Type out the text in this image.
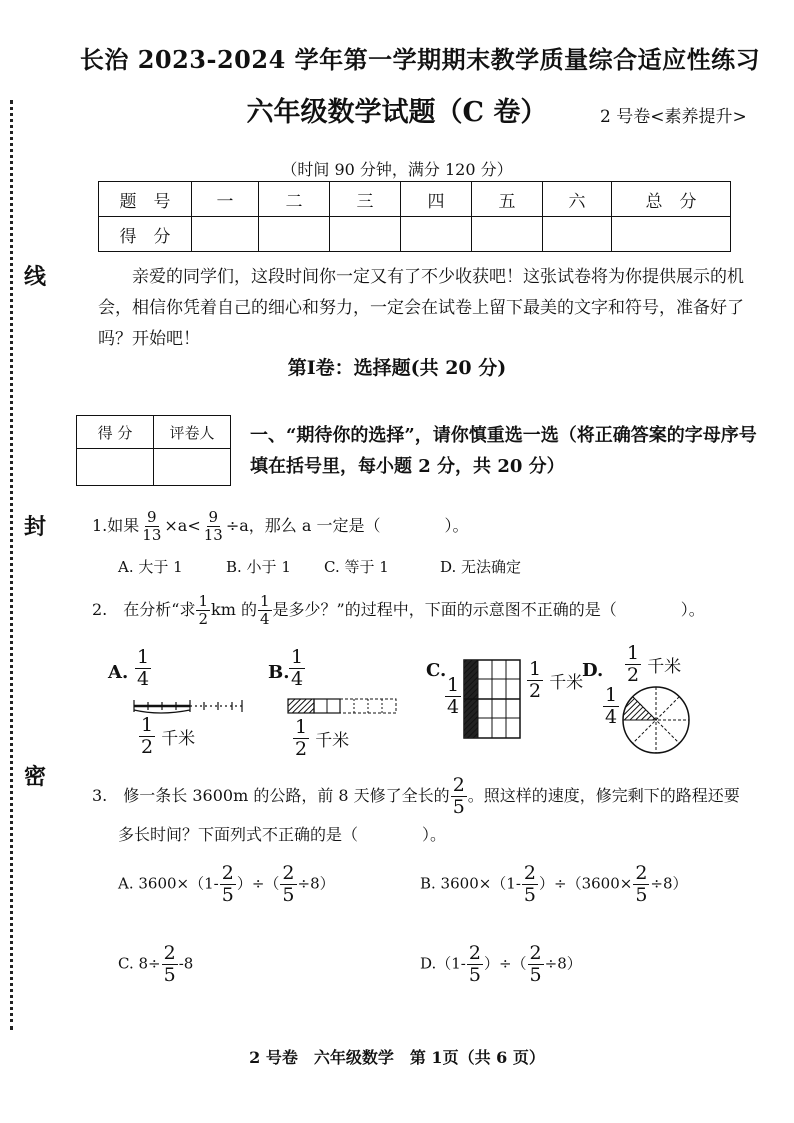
线
封
密
长治 2023-2024 学年第一学期期末教学质量综合适应性练习
六年级数学试题（C 卷）	2 号卷<素养提升>
（时间 90 分钟，满分 120 分）
题　号	一	二	三	四	五	六	总　分
得　分							
亲爱的同学们，这段时间你一定又有了不少收获吧！这张试卷将为你提供展示的机会，相信你凭着自己的细心和努力，一定会在试卷上留下最美的文字和符号，准备好了吗？开始吧！
第Ⅰ卷：选择题(共 20 分)
得 分	评卷人
	一、“期待你的选择”，请你慎重选一选（将正确答案的字母序号填在括号里，每小题 2 分，共 20 分）
1.如果 $\frac{9}{13} \times a< \frac{9}{13} \div a$，那么 a 一定是（　　　　）。
A. 大于 1	B. 小于 1 C. 等于 1	D. 无法确定
2.　在分析“求 $\frac{1}{2}$ km 的 $\frac{1}{4}$ 是多少？”的过程中，下面的示意图不正确的是（　　　　）。
A. $\frac{1}{4}$
$\frac{1}{2}$ 千米
B. $\frac{1}{4}$
$\frac{1}{2}$ 千米
C.
$\frac{1}{4}$	$\frac{1}{2}$ 千米
D. $\frac{1}{2}$ 千米
$\frac{1}{4}$
3.　修一条长 3600m 的公路，前 8 天修了全长的 $\frac{2}{5}$ 。照这样的速度，修完剩下的路程还要
多长时间？下面列式不正确的是（　　　　）。
A. $3600\times(1- \frac{2}{5}$ ）÷（ $\frac{2}{5} \div 8$）	B. $3600\times(1- \frac{2}{5} )\div(3600\times \frac{2}{5} \div 8)$
C. $8\div \frac{2}{5} -8$	$D.(1- \frac{2}{5}$ ）÷（ $\frac{2}{5} \div 8$）
2 号卷　六年级数学　第 1页（共 6 页）
